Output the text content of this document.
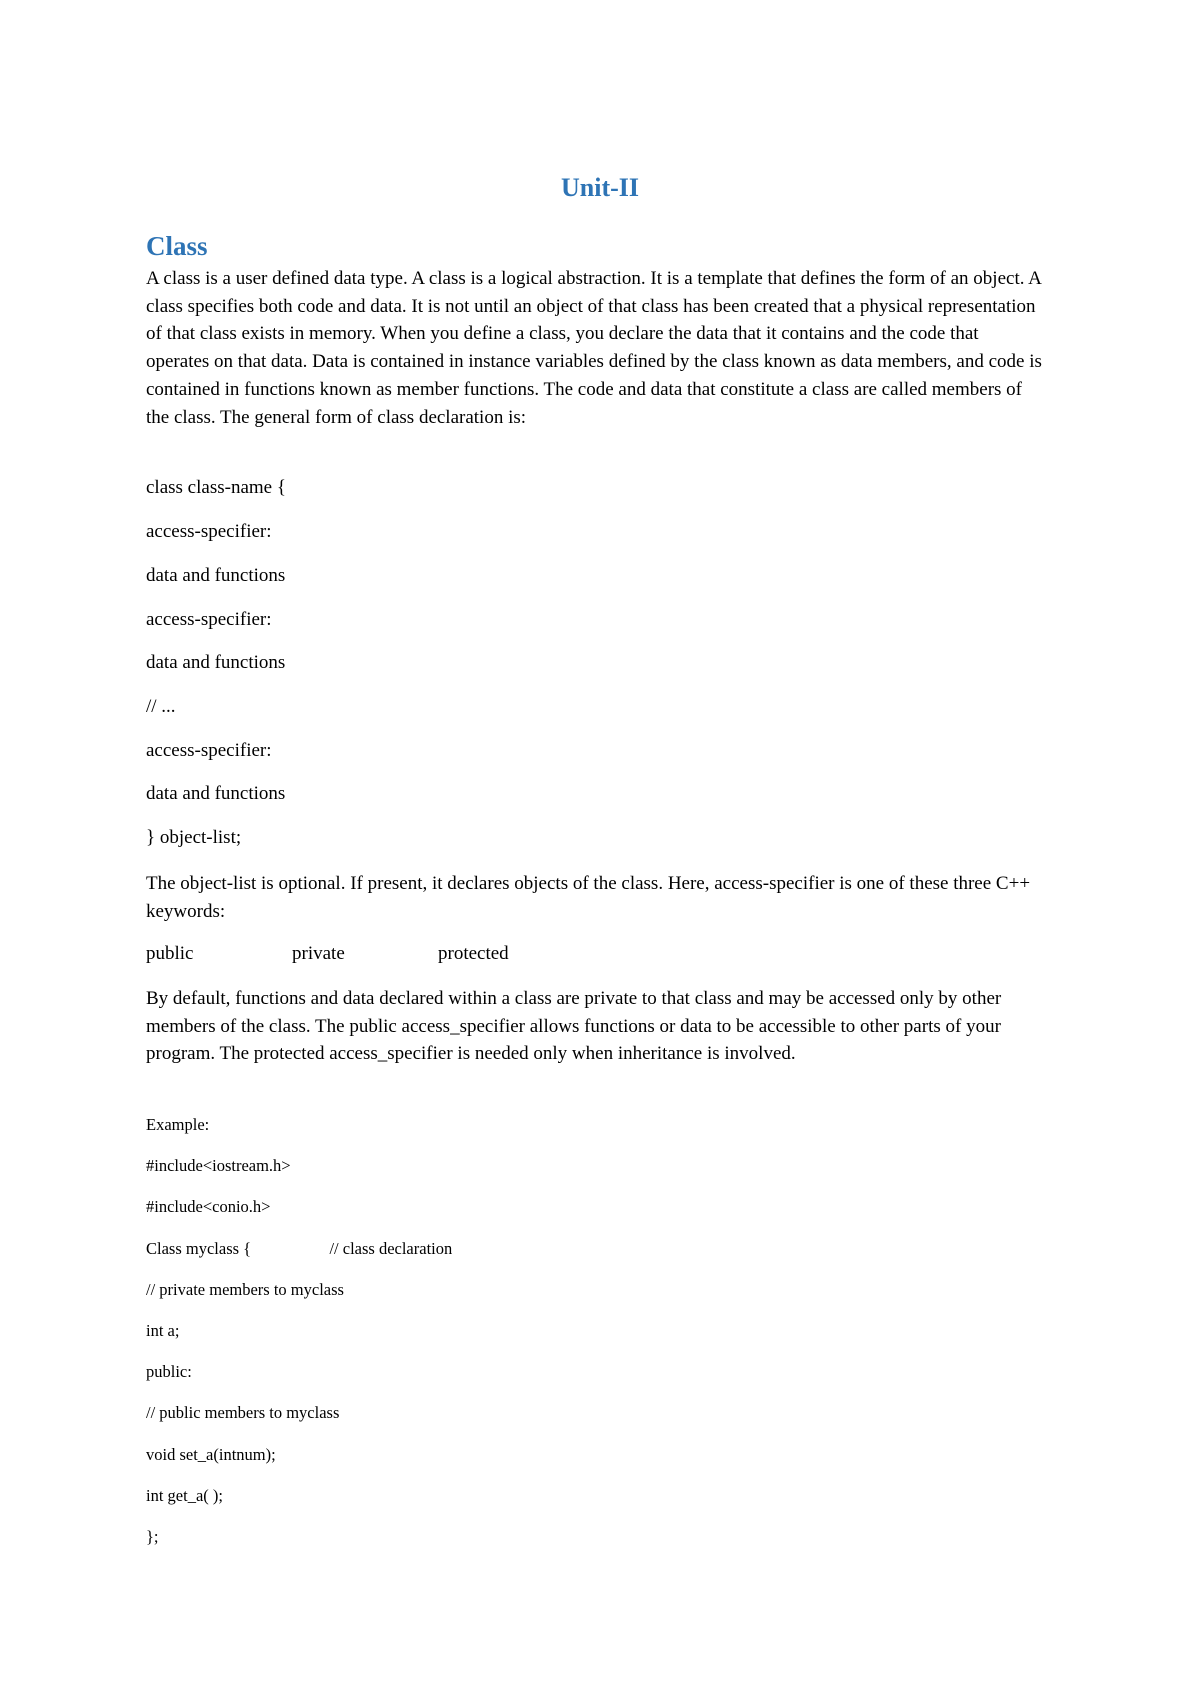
Unit-II
Class

A class is a user defined data type. A class is a logical abstraction. It is a template that defines the form of an object. A class specifies both code and data. It is not until an object of that class has been created that a physical representation of that class exists in memory. When you define a class, you declare the data that it contains and the code that operates on that data. Data is contained in instance variables defined by the class known as data members, and code is contained in functions known as member functions. The code and data that constitute a class are called members of the class. The general form of class declaration is:

class class-name {
access-specifier:
data and functions
access-specifier:
data and functions
// ...
access-specifier:
data and functions
} object-list;

The object-list is optional. If present, it declares objects of the class. Here, access-specifier is one of these three C++ keywords:

public	private	protected

By default, functions and data declared within a class are private to that class and may be accessed only by other members of the class. The public access_specifier allows functions or data to be accessible to other parts of your program. The protected access_specifier is needed only when inheritance is involved.

Example:
#include<iostream.h>
#include<conio.h>
Class myclass {                   // class declaration
// private members to myclass
int a;
public:
// public members to myclass
void set_a(intnum);
int get_a( );
};
